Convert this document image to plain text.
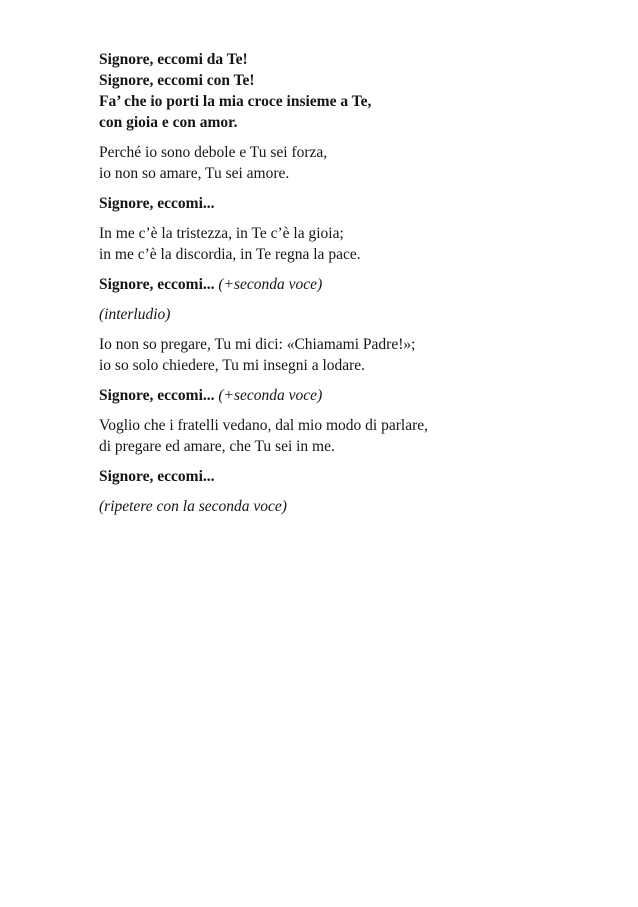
Signore, eccomi da Te!
Signore, eccomi con Te!
Fa’ che io porti la mia croce insieme a Te,
con gioia e con amor.
Perché io sono debole e Tu sei forza,
io non so amare, Tu sei amore.
Signore, eccomi...
In me c’è la tristezza, in Te c’è la gioia;
in me c’è la discordia, in Te regna la pace.
Signore, eccomi... (+seconda voce)
(interludio)
Io non so pregare, Tu mi dici: «Chiamami Padre!»;
io so solo chiedere, Tu mi insegni a lodare.
Signore, eccomi... (+seconda voce)
Voglio che i fratelli vedano, dal mio modo di parlare,
di pregare ed amare, che Tu sei in me.
Signore, eccomi...
(ripetere con la seconda voce)
